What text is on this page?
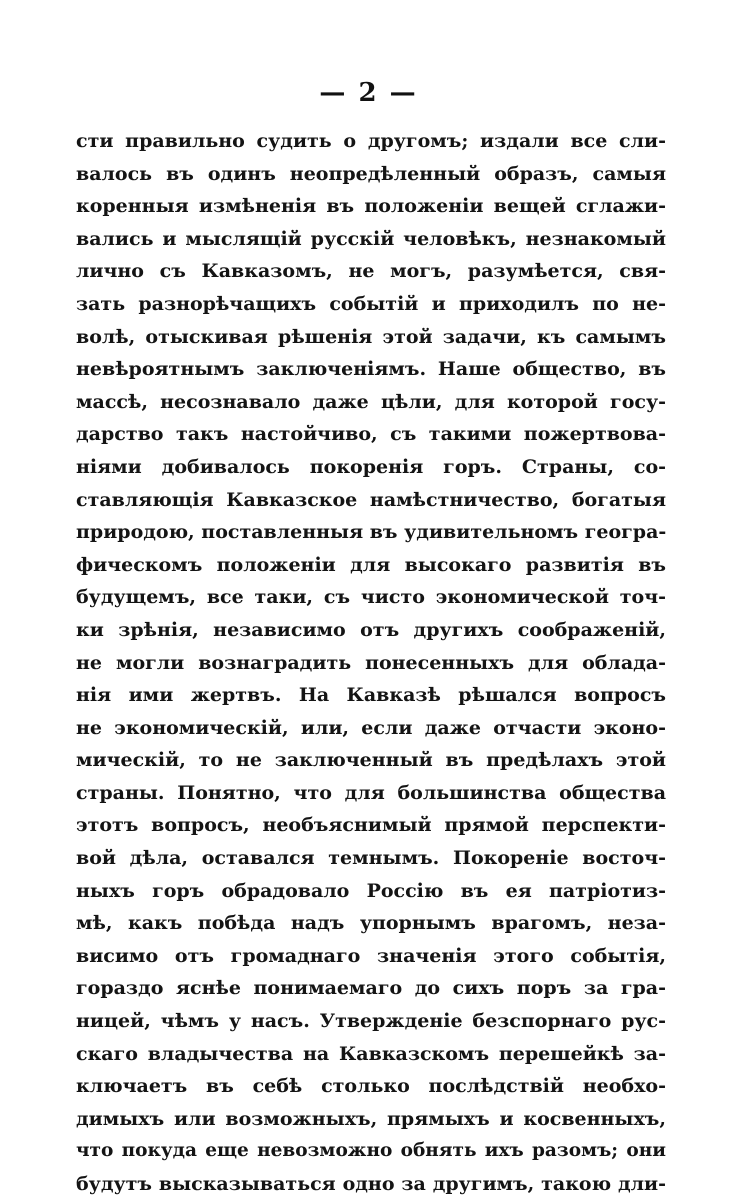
— 2 —
сти правильно судить о другомъ; издали все сли-
валось въ одинъ неопредѣленный образъ, самыя
коренныя измѣненія въ положеніи вещей сглажи-
вались и мыслящій русскій человѣкъ, незнакомый
лично съ Кавказомъ, не могъ, разумѣется, свя-
зать разнорѣчащихъ событій и приходилъ по не-
волѣ, отыскивая рѣшенія этой задачи, къ самымъ
невѣроятнымъ заключеніямъ. Наше общество, въ
массѣ, несознавало даже цѣли, для которой госу-
дарство такъ настойчиво, съ такими пожертвова-
ніями добивалось покоренія горъ. Страны, со-
ставляющія Кавказское намѣстничество, богатыя
природою, поставленныя въ удивительномъ геогра-
фическомъ положеніи для высокаго развитія въ
будущемъ, все таки, съ чисто экономической точ-
ки зрѣнія, независимо отъ другихъ соображеній,
не могли вознаградить понесенныхъ для облада-
нія ими жертвъ. На Кавказѣ рѣшался вопросъ
не экономическій, или, если даже отчасти эконо-
мическій, то не заключенный въ предѣлахъ этой
страны. Понятно, что для большинства общества
этотъ вопросъ, необъяснимый прямой перспекти-
вой дѣла, оставался темнымъ. Покореніе восточ-
ныхъ горъ обрадовало Россію въ ея патріотиз-
мѣ, какъ побѣда надъ упорнымъ врагомъ, неза-
висимо отъ громаднаго значенія этого событія,
гораздо яснѣе понимаемаго до сихъ поръ за гра-
ницей, чѣмъ у насъ. Утвержденіе безспорнаго рус-
скаго владычества на Кавказскомъ перешейкѣ за-
ключаетъ въ себѣ столько послѣдствій необхо-
димыхъ или возможныхъ, прямыхъ и косвенныхъ,
что покуда еще невозможно обнять ихъ разомъ; они
будутъ высказываться одно за другимъ, такою дли-
